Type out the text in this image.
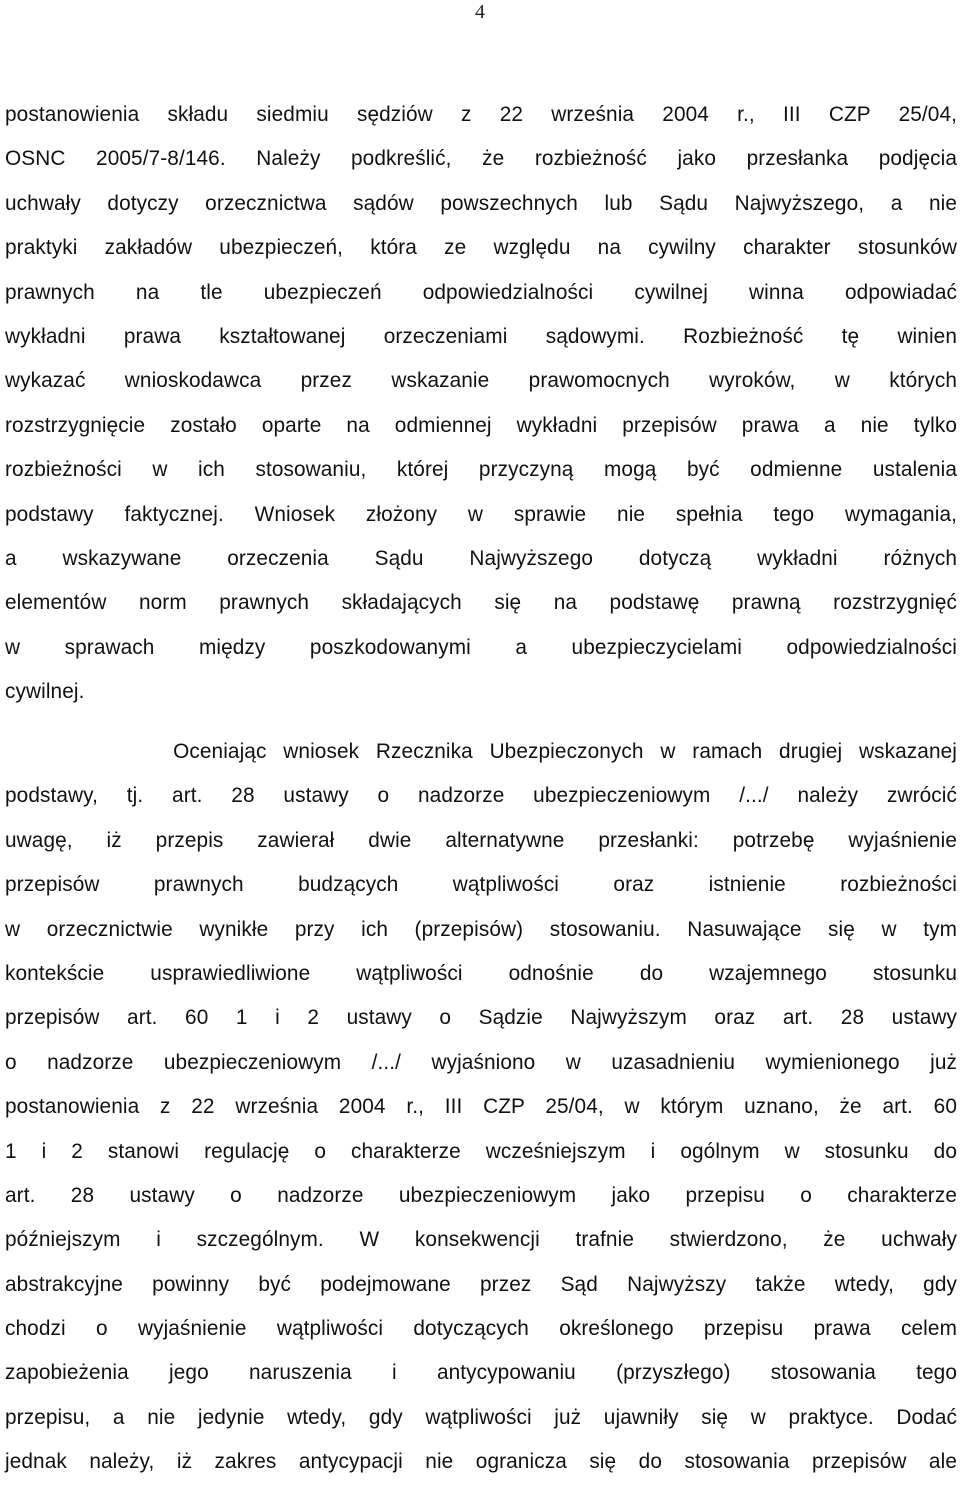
4
postanowienia składu siedmiu sędziów z 22 września 2004 r., III CZP 25/04,
OSNC 2005/7-8/146. Należy podkreślić, że rozbieżność jako przesłanka podjęcia
uchwały dotyczy orzecznictwa sądów powszechnych lub Sądu Najwyższego, a nie
praktyki zakładów ubezpieczeń, która ze względu na cywilny charakter stosunków
prawnych na tle ubezpieczeń odpowiedzialności cywilnej winna odpowiadać
wykładni prawa kształtowanej orzeczeniami sądowymi. Rozbieżność tę winien
wykazać wnioskodawca przez wskazanie prawomocnych wyroków, w których
rozstrzygnięcie zostało oparte na odmiennej wykładni przepisów prawa a nie tylko
rozbieżności w ich stosowaniu, której przyczyną mogą być odmienne ustalenia
podstawy faktycznej. Wniosek złożony w sprawie nie spełnia tego wymagania,
a wskazywane orzeczenia Sądu Najwyższego dotyczą wykładni różnych
elementów norm prawnych składających się na podstawę prawną rozstrzygnięć
w sprawach między poszkodowanymi a ubezpieczycielami odpowiedzialności
cywilnej.
Oceniając wniosek Rzecznika Ubezpieczonych w ramach drugiej wskazanej
podstawy, tj. art. 28 ustawy o nadzorze ubezpieczeniowym /.../ należy zwrócić
uwagę, iż przepis zawierał dwie alternatywne przesłanki: potrzebę wyjaśnienie
przepisów prawnych budzących wątpliwości oraz istnienie rozbieżności
w orzecznictwie wynikłe przy ich (przepisów) stosowaniu. Nasuwające się w tym
kontekście usprawiedliwione wątpliwości odnośnie do wzajemnego stosunku
przepisów art. 60 1 i 2 ustawy o Sądzie Najwyższym oraz art. 28 ustawy
o nadzorze ubezpieczeniowym /.../ wyjaśniono w uzasadnieniu wymienionego już
postanowienia z 22 września 2004 r., III CZP 25/04, w którym uznano, że art. 60
1 i 2 stanowi regulację o charakterze wcześniejszym i ogólnym w stosunku do
art. 28 ustawy o nadzorze ubezpieczeniowym jako przepisu o charakterze
późniejszym i szczególnym. W konsekwencji trafnie stwierdzono, że uchwały
abstrakcyjne powinny być podejmowane przez Sąd Najwyższy także wtedy, gdy
chodzi o wyjaśnienie wątpliwości dotyczących określonego przepisu prawa celem
zapobieżenia jego naruszenia i antycypowaniu (przyszłego) stosowania tego
przepisu, a nie jedynie wtedy, gdy wątpliwości już ujawniły się w praktyce. Dodać
jednak należy, iż zakres antycypacji nie ogranicza się do stosowania przepisów ale
